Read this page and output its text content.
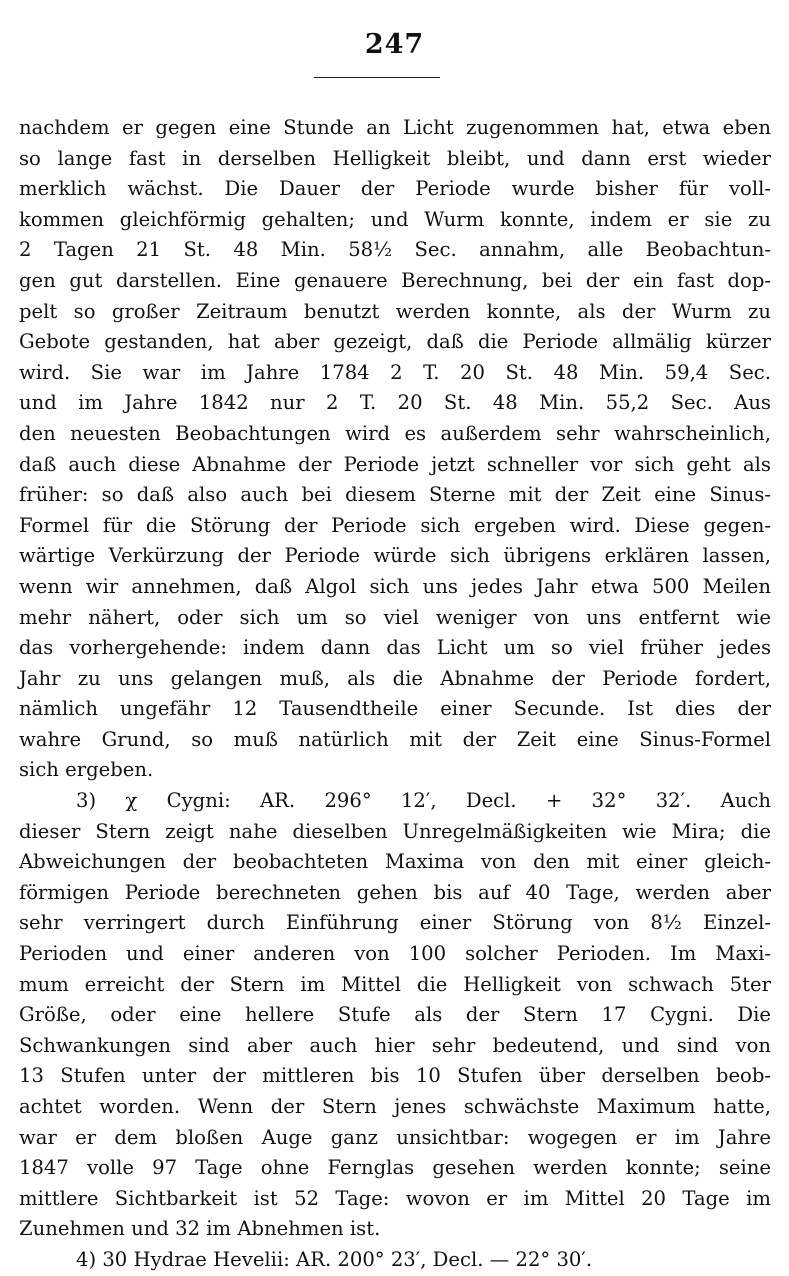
247
nachdem er gegen eine Stunde an Licht zugenommen hat, etwa eben
so lange fast in derselben Helligkeit bleibt, und dann erst wieder
merklich wächst. Die Dauer der Periode wurde bisher für voll-
kommen gleichförmig gehalten; und Wurm konnte, indem er sie zu
2 Tagen 21 St. 48 Min. 58½ Sec. annahm, alle Beobachtun-
gen gut darstellen. Eine genauere Berechnung, bei der ein fast dop-
pelt so großer Zeitraum benutzt werden konnte, als der Wurm zu
Gebote gestanden, hat aber gezeigt, daß die Periode allmälig kürzer
wird. Sie war im Jahre 1784 2 T. 20 St. 48 Min. 59,4 Sec.
und im Jahre 1842 nur 2 T. 20 St. 48 Min. 55,2 Sec. Aus
den neuesten Beobachtungen wird es außerdem sehr wahrscheinlich,
daß auch diese Abnahme der Periode jetzt schneller vor sich geht als
früher: so daß also auch bei diesem Sterne mit der Zeit eine Sinus-
Formel für die Störung der Periode sich ergeben wird. Diese gegen-
wärtige Verkürzung der Periode würde sich übrigens erklären lassen,
wenn wir annehmen, daß Algol sich uns jedes Jahr etwa 500 Meilen
mehr nähert, oder sich um so viel weniger von uns entfernt wie
das vorhergehende: indem dann das Licht um so viel früher jedes
Jahr zu uns gelangen muß, als die Abnahme der Periode fordert,
nämlich ungefähr 12 Tausendtheile einer Secunde. Ist dies der
wahre Grund, so muß natürlich mit der Zeit eine Sinus-Formel
sich ergeben.
3) χ Cygni: AR. 296° 12′, Decl. + 32° 32′. Auch
dieser Stern zeigt nahe dieselben Unregelmäßigkeiten wie Mira; die
Abweichungen der beobachteten Maxima von den mit einer gleich-
förmigen Periode berechneten gehen bis auf 40 Tage, werden aber
sehr verringert durch Einführung einer Störung von 8½ Einzel-
Perioden und einer anderen von 100 solcher Perioden. Im Maxi-
mum erreicht der Stern im Mittel die Helligkeit von schwach 5ter
Größe, oder eine hellere Stufe als der Stern 17 Cygni. Die
Schwankungen sind aber auch hier sehr bedeutend, und sind von
13 Stufen unter der mittleren bis 10 Stufen über derselben beob-
achtet worden. Wenn der Stern jenes schwächste Maximum hatte,
war er dem bloßen Auge ganz unsichtbar: wogegen er im Jahre
1847 volle 97 Tage ohne Fernglas gesehen werden konnte; seine
mittlere Sichtbarkeit ist 52 Tage: wovon er im Mittel 20 Tage im
Zunehmen und 32 im Abnehmen ist.
4) 30 Hydrae Hevelii: AR. 200° 23′, Decl. — 22° 30′.
